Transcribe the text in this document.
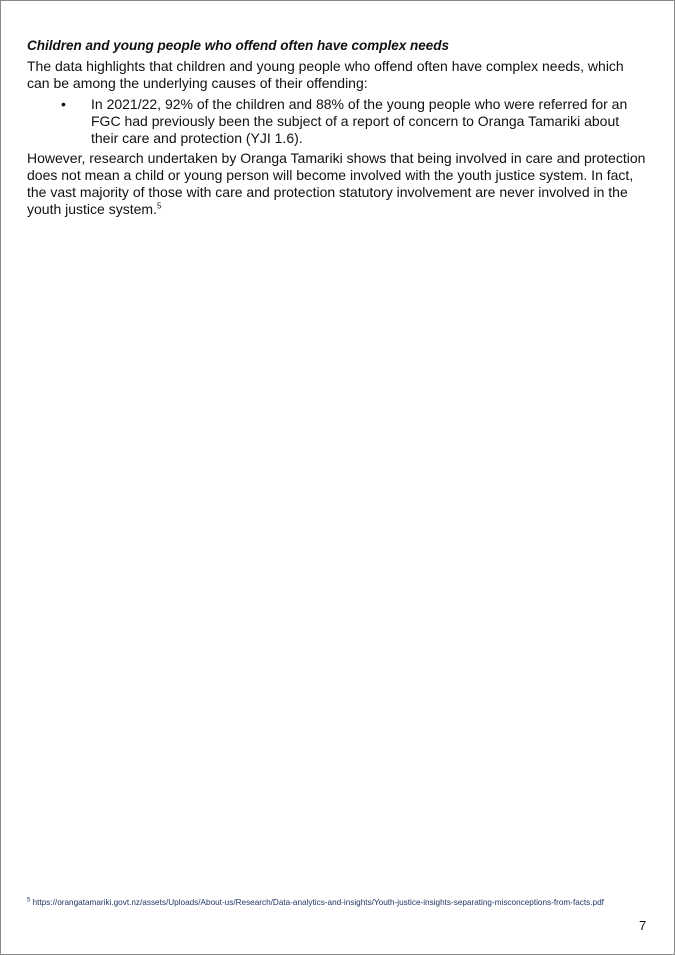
Children and young people who offend often have complex needs

The data highlights that children and young people who offend often have complex needs, which can be among the underlying causes of their offending:

• In 2021/22, 92% of the children and 88% of the young people who were referred for an FGC had previously been the subject of a report of concern to Oranga Tamariki about their care and protection (YJI 1.6).

However, research undertaken by Oranga Tamariki shows that being involved in care and protection does not mean a child or young person will become involved with the youth justice system. In fact, the vast majority of those with care and protection statutory involvement are never involved in the youth justice system.$^5$

$^5$ https://orangatamariki.govt.nz/assets/Uploads/About-us/Research/Data-analytics-and-insights/Youth-justice-insights-separating-misconceptions-from-facts.pdf
7
